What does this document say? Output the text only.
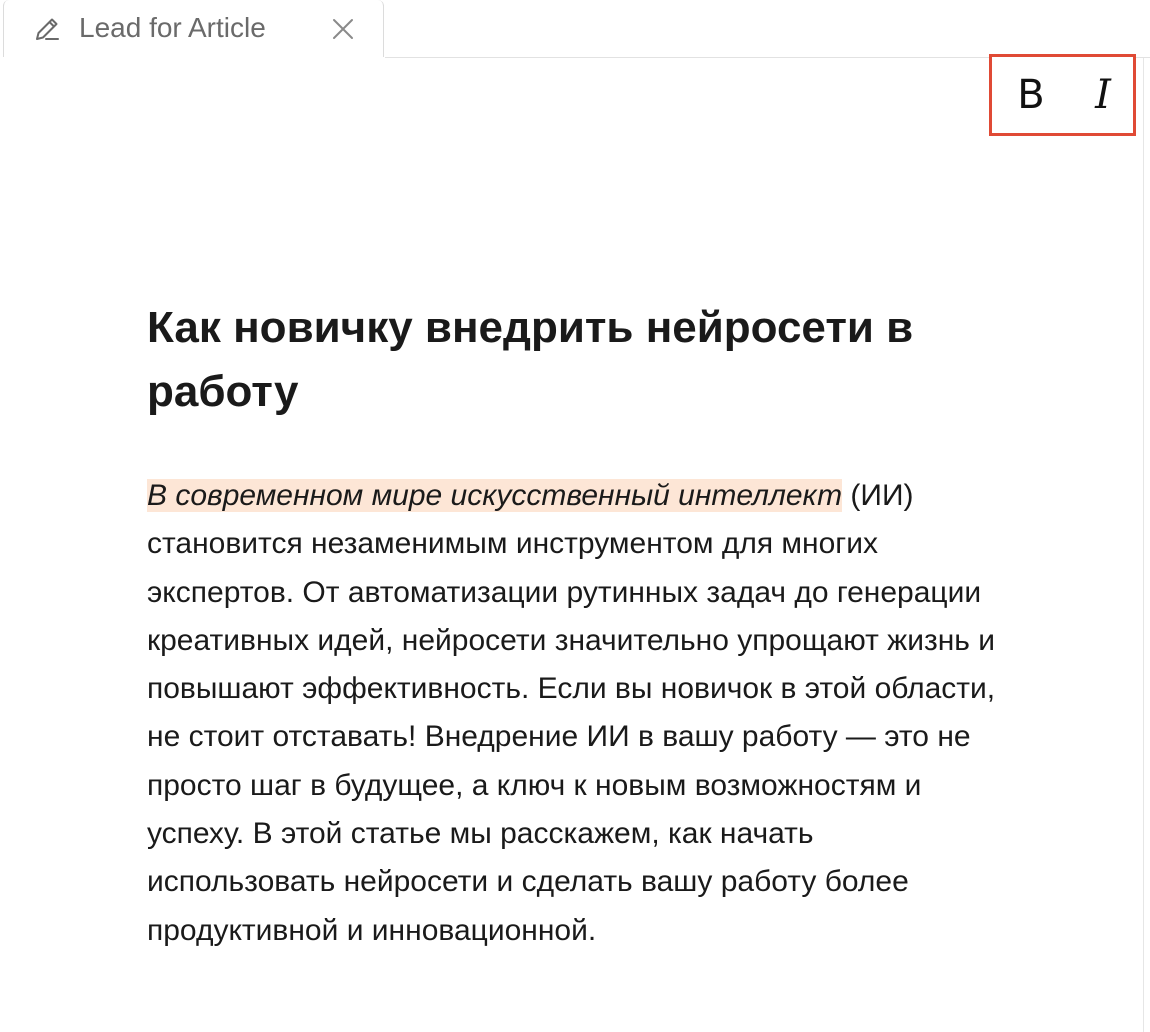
Lead for Article
B	I
Как новичку внедрить нейросети в работу

В современном мире искусственный интеллект (ИИ) становится незаменимым инструментом для многих экспертов. От автоматизации рутинных задач до генерации креативных идей, нейросети значительно упрощают жизнь и повышают эффективность. Если вы новичок в этой области, не стоит отставать! Внедрение ИИ в вашу работу — это не просто шаг в будущее, а ключ к новым возможностям и успеху. В этой статье мы расскажем, как начать использовать нейросети и сделать вашу работу более продуктивной и инновационной.
